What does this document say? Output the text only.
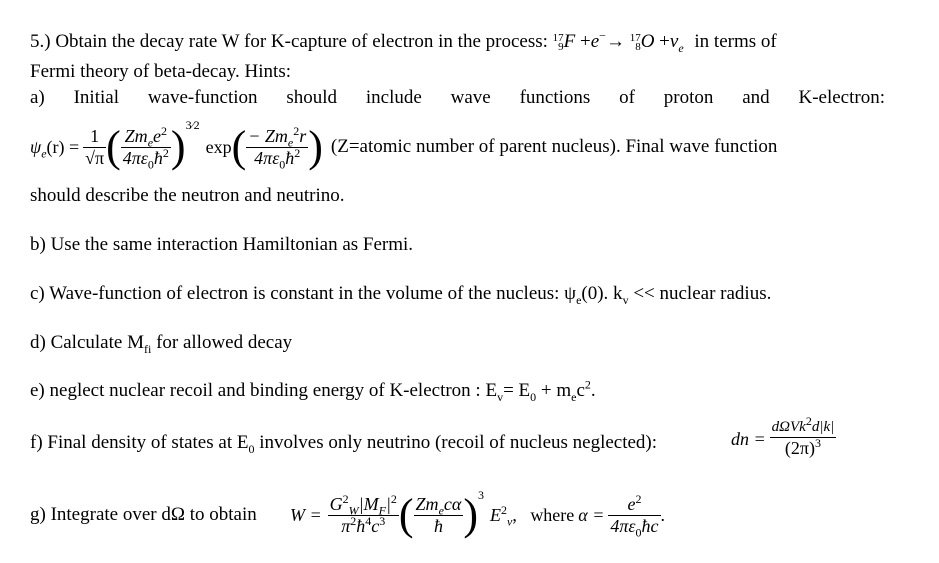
5.) Obtain the decay rate W for K-capture of electron in the process: 17
9 F +e−→ 17
8 $O +v_e$ in terms of
Fermi theory of beta-decay. Hints:
a) Initial wave-function should include wave functions of proton and K-electron:
$\psi_e(r) = \frac{1}{√\pi}$ ( $\frac{Zm_ee^2}{4\pi\varepsilon_0ħ^2}$ ) 3⁄2
exp ( $\frac{- Zm_e^2r}{4\pi\varepsilon_0ħ^2}$ ) (Z=atomic number of parent nucleus). Final wave function
should describe the neutron and neutrino.
b) Use the same interaction Hamiltonian as Fermi.
c) Wave-function of electron is constant in the volume of the nucleus: $\psi_e(0)$. $k_v$ << nuclear radius.
d) Calculate $M_{fi}$ for allowed decay
e) neglect nuclear recoil and binding energy of K-electron : $E_v= E_0 + m_ec^2$.
f) Final density of states at $E_0$ involves only neutrino (recoil of nucleus neglected):	dn = $\frac{d\Omega Vk^2d|k|}{(2\pi)^3}$
g) Integrate over dΩ to obtain $W = \frac{G^2_W|M_F|^2}{\pi^2ħ^4c^3}$ ( $\frac{Zm_ec\alpha}{ħ}$ ) 3
$E^2_v$ ,   where $\alpha = \frac{e^2}{4\pi\varepsilon_0ħc}$ .
